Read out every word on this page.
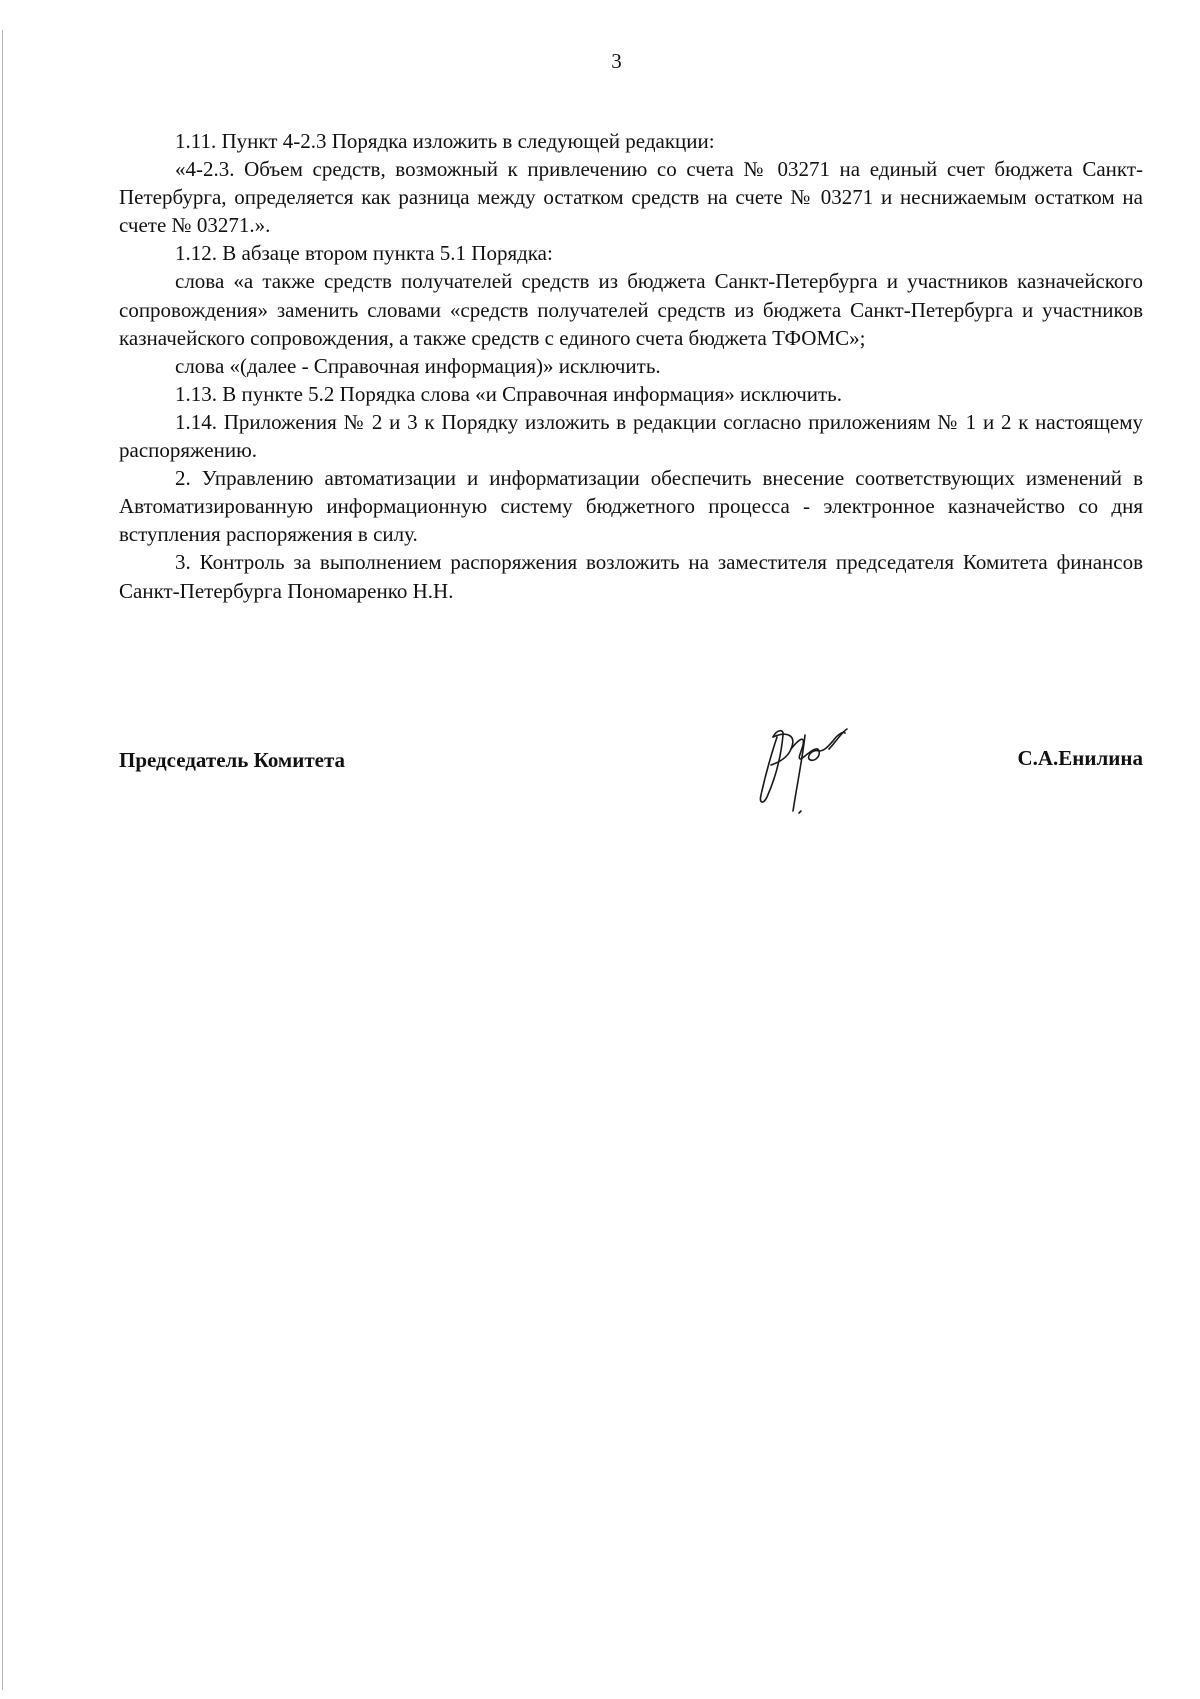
3

1.11. Пункт 4-2.3 Порядка изложить в следующей редакции:

«4-2.3. Объем средств, возможный к привлечению со счета № 03271 на единый счет бюджета Санкт-Петербурга, определяется как разница между остатком средств на счете № 03271 и неснижаемым остатком на счете № 03271.».

1.12. В абзаце втором пункта 5.1 Порядка:

слова «а также средств получателей средств из бюджета Санкт-Петербурга и участников казначейского сопровождения» заменить словами «средств получателей средств из бюджета Санкт-Петербурга и участников казначейского сопровождения, а также средств с единого счета бюджета ТФОМС»;

слова «(далее - Справочная информация)» исключить.

1.13. В пункте 5.2 Порядка слова «и Справочная информация» исключить.

1.14. Приложения № 2 и 3 к Порядку изложить в редакции согласно приложениям № 1 и 2 к настоящему распоряжению.

2. Управлению автоматизации и информатизации обеспечить внесение соответствующих изменений в Автоматизированную информационную систему бюджетного процесса - электронное казначейство со дня вступления распоряжения в силу.

3. Контроль за выполнением распоряжения возложить на заместителя председателя Комитета финансов Санкт-Петербурга Пономаренко Н.Н.

Председатель Комитета	С.А.Енилина
